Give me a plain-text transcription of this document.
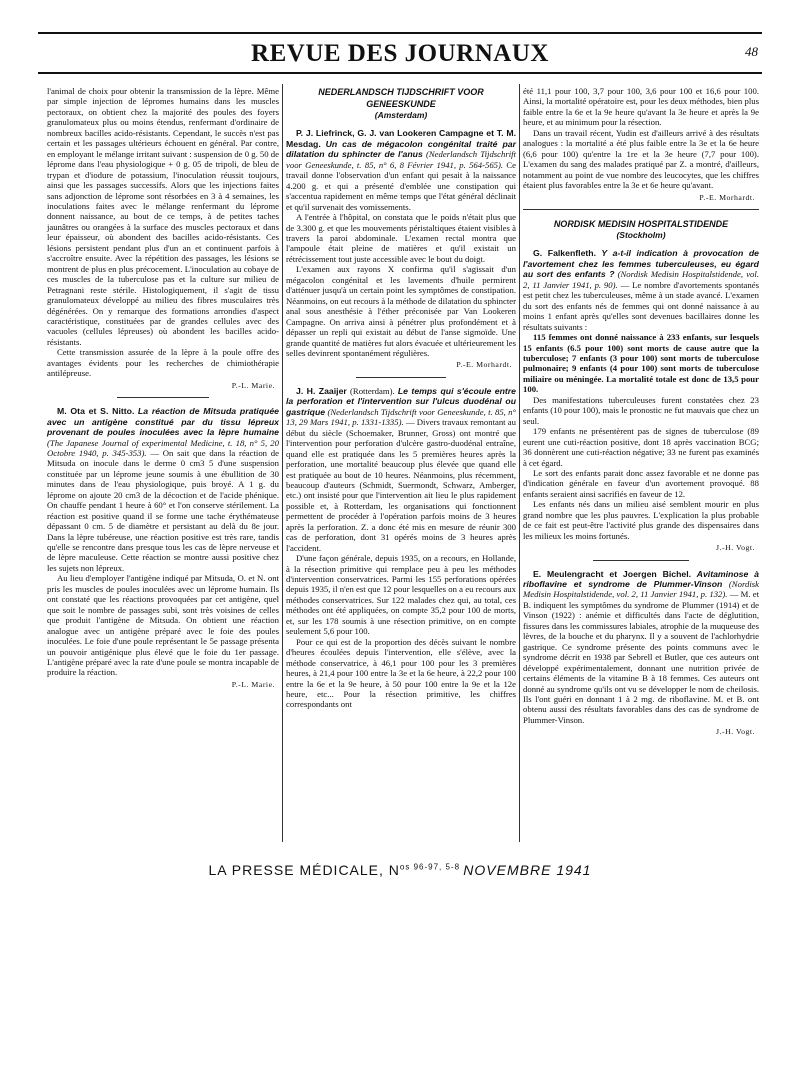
REVUE DES JOURNAUX	48

l'animal de choix pour obtenir la transmission de la lèpre. Même par simple injection de lépromes humains dans les muscles pectoraux, on obtient chez la majorité des poules des foyers granulomateux plus ou moins étendus, renfermant d'ordinaire de nombreux bacilles acido-résistants. Cependant, le succès n'est pas certain et les passages ultérieurs échouent en général. Par contre, en employant le mélange irritant suivant : suspension de 0 g. 50 de léprome dans l'eau physiologique + 0 g. 05 de tripoli, de bleu de trypan et d'iodure de potassium, l'inoculation réussit toujours, ainsi que les passages successifs. Alors que les injections faites sans adjonction de léprome sont résorbées en 3 à 4 semaines, les inoculations faites avec le mélange renfermant du léprome donnent naissance, au bout de ce temps, à de petites taches jaunâtres ou orangées à la surface des muscles pectoraux et dans leur épaisseur, où abondent des bacilles acido-résistants. Ces lésions persistent pendant plus d'un an et continuent parfois à s'accroître ensuite. Avec la répétition des passages, les lésions se montrent de plus en plus précocement. L'inoculation au cobaye de ces muscles de la tuberculose pas et la culture sur milieu de Petragnani reste stérile. Histologiquement, il s'agit de tissu granulomateux développé au milieu des fibres musculaires très dégénérées. On y remarque des formations arrondies d'aspect caractéristique, constituées par de grandes cellules avec des vacuoles (cellules lépreuses) où abondent les bacilles acido-résistants.

Cette transmission assurée de la lèpre à la poule offre des avantages évidents pour les recherches de chimiothérapie antilépreuse.

P.-L. Marie.

M. Ota et S. Nitto. La réaction de Mitsuda pratiquée avec un antigène constitué par du tissu lépreux provenant de poules inoculées avec la lèpre humaine (The Japanese Journal of experimental Medicine, t. 18, n° 5, 20 Octobre 1940, p. 345-353). — On sait que dans la réaction de Mitsuda on inocule dans le derme 0 cm3 5 d'une suspension constituée par un léprome jeune soumis à une ébullition de 30 minutes dans de l'eau physiologique, puis broyé. A 1 g. du léprome on ajoute 20 cm3 de la décoction et de l'acide phénique. On chauffe pendant 1 heure à 60° et l'on conserve stérilement. La réaction est positive quand il se forme une tache érythémateuse dépassant 0 cm. 5 de diamètre et persistant au delà du 8e jour. Dans la lèpre tubéreuse, une réaction positive est très rare, tandis qu'elle se rencontre dans presque tous les cas de lèpre nerveuse et de lèpre maculeuse. Cette réaction se montre aussi positive chez les sujets non lépreux.

Au lieu d'employer l'antigène indiqué par Mitsuda, O. et N. ont pris les muscles de poules inoculées avec un léprome humain. Ils ont constaté que les réactions provoquées par cet antigène, quel que soit le nombre de passages subi, sont très voisines de celles que produit l'antigène de Mitsuda. On obtient une réaction analogue avec un antigène préparé avec le foie des poules inoculées. Le foie d'une poule représentant le 5e passage présenta un pouvoir antigénique plus élevé que le foie du 1er passage. L'antigène préparé avec la rate d'une poule se montra incapable de produire la réaction.

P.-L. Marie.
NEDERLANDSCH TIJDSCHRIFT VOOR GENEESKUNDE
(Amsterdam)

P. J. Liefrinck, G. J. van Lookeren Campagne et T. M. Mesdag. Un cas de mégacolon congénital traité par dilatation du sphincter de l'anus (Nederlandsch Tijdschrift voor Geneeskunde, t. 85, n° 6, 8 Février 1941, p. 564-565). Ce travail donne l'observation d'un enfant qui pesait à la naissance 4.200 g. et qui a présenté d'emblée une constipation qui s'accentua rapidement en même temps que l'état général déclinait et qu'il survenait des vomissements.

A l'entrée à l'hôpital, on constata que le poids n'était plus que de 3.300 g. et que les mouvements péristaltiques étaient visibles à travers la paroi abdominale. L'examen rectal montra que l'ampoule était pleine de matières et qu'il existait un rétrécissement tout juste accessible avec le bout du doigt.

L'examen aux rayons X confirma qu'il s'agissait d'un mégacolon congénital et les lavements d'huile permirent d'atténuer jusqu'à un certain point les symptômes de constipation. Néanmoins, on eut recours à la méthode de dilatation du sphincter anal sous anesthésie à l'éther préconisée par Van Lookeren Campagne. On arriva ainsi à pénétrer plus profondément et à dépasser un repli qui existait au début de l'anse sigmoïde. Une grande quantité de matières fut alors évacuée et ultérieurement les selles devinrent spontanément régulières.

P.-E. Morhardt.

J. H. Zaaijer (Rotterdam). Le temps qui s'écoule entre la perforation et l'intervention sur l'ulcus duodénal ou gastrique (Nederlandsch Tijdschrift voor Geneeskunde, t. 85, n° 13, 29 Mars 1941, p. 1331-1335). — Divers travaux remontant au début du siècle (Schoemaker, Brunner, Gross) ont montré que l'intervention pour perforation d'ulcère gastro-duodénal entraîne, quand elle est pratiquée dans les 5 premières heures après la perforation, une mortalité beaucoup plus élevée que quand elle est pratiquée au bout de 10 heures. Néanmoins, plus récemment, beaucoup d'auteurs (Schmidt, Suermondt, Schwarz, Amberger, etc.) ont insisté pour que l'intervention ait lieu le plus rapidement possible et, à Rotterdam, les organisations qui fonctionnent permettent de procéder à l'opération parfois moins de 3 heures après la perforation. Z. a donc été mis en mesure de réunir 300 cas de perforation, dont 31 opérés moins de 3 heures après l'accident.

D'une façon générale, depuis 1935, on a recours, en Hollande, à la résection primitive qui remplace peu à peu les méthodes d'intervention conservatrices. Parmi les 155 perforations opérées depuis 1935, il n'en est que 12 pour lesquelles on a eu recours aux méthodes conservatrices. Sur 122 malades chez qui, au total, ces méthodes ont été appliquées, on compte 35,2 pour 100 de morts, et, sur les 178 soumis à une résection primitive, on en compte seulement 5,6 pour 100.

Pour ce qui est de la proportion des décès suivant le nombre d'heures écoulées depuis l'intervention, elle s'élève, avec la méthode conservatrice, à 46,1 pour 100 pour les 3 premières heures, à 21,4 pour 100 entre la 3e et la 6e heure, à 22,2 pour 100 entre la 6e et la 9e heure, à 50 pour 100 entre la 9e et la 12e heure, etc... Pour la résection primitive, les chiffres correspondants ont

été 11,1 pour 100, 3,7 pour 100, 3,6 pour 100 et 16,6 pour 100. Ainsi, la mortalité opératoire est, pour les deux méthodes, bien plus faible entre la 6e et la 9e heure qu'avant la 3e heure et après la 9e heure, et au minimum pour la résection.

Dans un travail récent, Yudin est d'ailleurs arrivé à des résultats analogues : la mortalité a été plus faible entre la 3e et la 6e heure (6,6 pour 100) qu'entre la 1re et la 3e heure (7,7 pour 100). L'examen du sang des malades pratiqué par Z. a montré, d'ailleurs, notamment au point de vue nombre des leucocytes, que les chiffres étaient plus favorables entre la 3e et 6e heure qu'avant.

P.-E. Morhardt.
NORDISK MEDISIN HOSPITALSTIDENDE
(Stockholm)

G. Falkenfleth. Y a-t-il indication à provocation de l'avortement chez les femmes tuberculeuses, eu égard au sort des enfants ? (Nordisk Medisin Hospitalstidende, vol. 2, 11 Janvier 1941, p. 90). — Le nombre d'avortements spontanés est petit chez les tuberculeuses, même à un stade avancé. L'examen du sort des enfants nés de femmes qui ont donné naissance à au moins 1 enfant après qu'elles sont devenues bacillaires donne les résultats suivants :

115 femmes ont donné naissance à 233 enfants, sur lesquels 15 enfants (6.5 pour 100) sont morts de cause autre que la tuberculose; 7 enfants (3 pour 100) sont morts de tuberculose pulmonaire; 9 enfants (4 pour 100) sont morts de tuberculose miliaire ou méningée. La mortalité totale est donc de 13,5 pour 100.

Des manifestations tuberculeuses furent constatées chez 23 enfants (10 pour 100), mais le pronostic ne fut mauvais que chez un seul.

179 enfants ne présentèrent pas de signes de tuberculose (89 eurent une cuti-réaction positive, dont 18 après vaccination BCG; 36 donnèrent une cuti-réaction négative; 33 ne furent pas examinés à cet égard.

Le sort des enfants parait donc assez favorable et ne donne pas d'indication générale en faveur d'un avortement provoqué. 88 enfants seraient ainsi sacrifiés en faveur de 12.

Les enfants nés dans un milieu aisé semblent mourir en plus grand nombre que les plus pauvres. L'explication la plus probable de ce fait est peut-être l'activité plus grande des dispensaires dans les milieux les moins fortunés.

J.-H. Vogt.

E. Meulengracht et Joergen Bichel. Avitaminose à riboflavine et syndrome de Plummer-Vinson (Nordisk Medisin Hospitalstidende, vol. 2, 11 Janvier 1941, p. 132). — M. et B. indiquent les symptômes du syndrome de Plummer (1914) et de Vinson (1922) : anémie et difficultés dans l'acte de déglutition, fissures dans les commissures labiales, atrophie de la muqueuse des lèvres, de la bouche et du pharynx. Il y a souvent de l'achlorhydrie gastrique. Ce syndrome présente des points communs avec le syndrome décrit en 1938 par Sebrell et Butler, que ces auteurs ont développé expérimentalement, donnant une nutrition privée de certains éléments de la vitamine B à 18 femmes. Ces auteurs ont donné au syndrome qu'ils ont vu se développer le nom de cheilosis. Ils l'ont guéri en donnant 1 à 2 mg. de riboflavine. M. et B. ont obtenu aussi des résultats favorables dans des cas de syndrome de Plummer-Vinson.

J.-H. Vogt.
LA PRESSE MÉDICALE, $N^{os 96-97, 5-8}$ NOVEMBRE 1941
